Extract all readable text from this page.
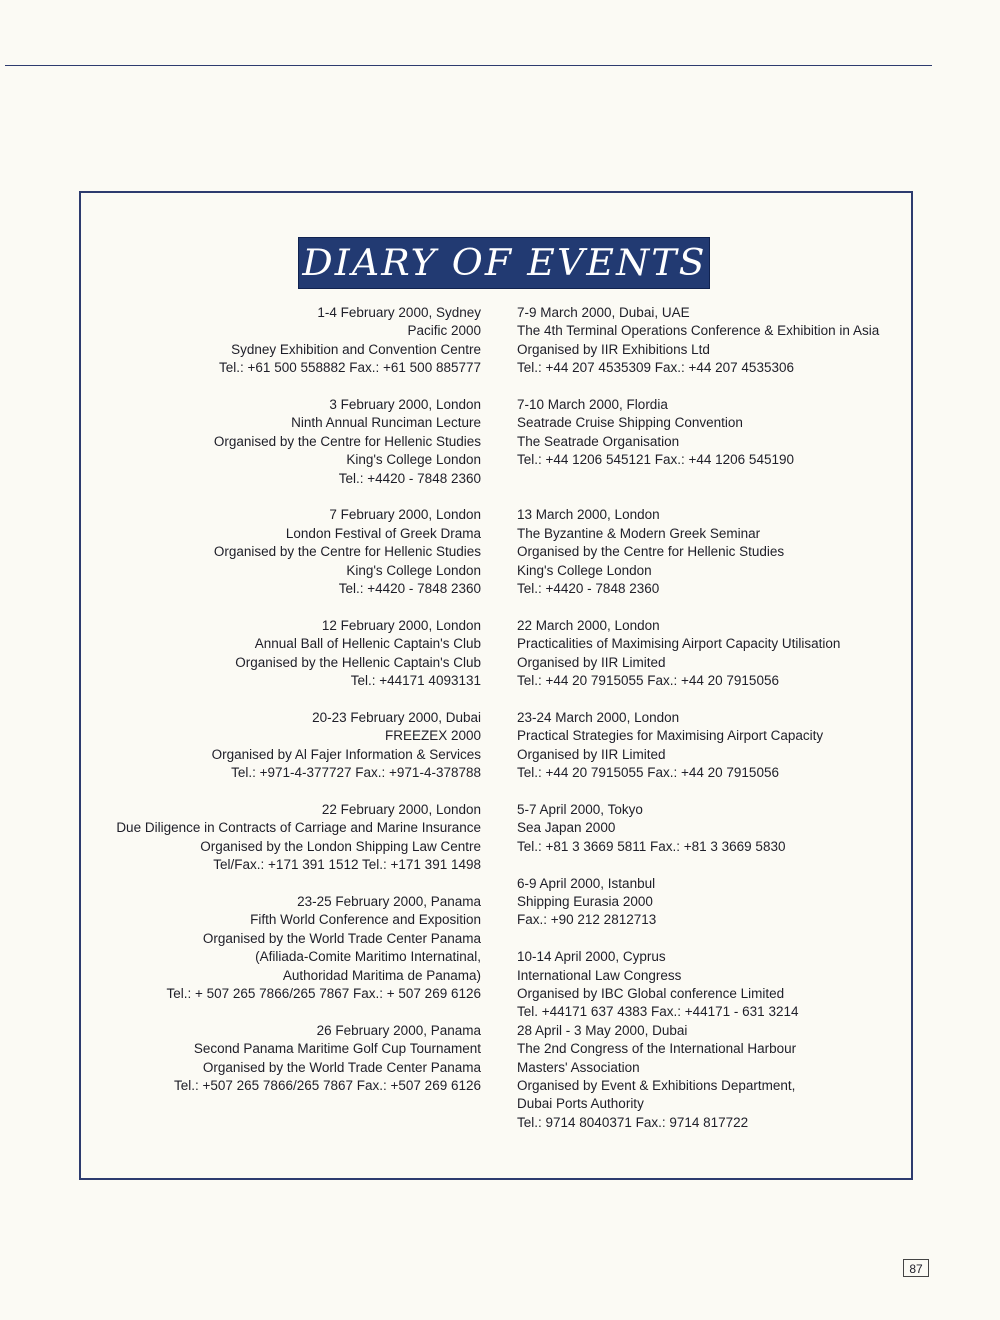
DIARY OF EVENTS
1-4 February 2000, Sydney
Pacific 2000
Sydney Exhibition and Convention Centre
Tel.: +61 500 558882 Fax.: +61 500 885777
3 February 2000, London
Ninth Annual Runciman Lecture
Organised by the Centre for Hellenic Studies
King's College London
Tel.: +4420 - 7848 2360
7 February 2000, London
London Festival of Greek Drama
Organised by the Centre for Hellenic Studies
King's College London
Tel.: +4420 - 7848 2360
12 February 2000, London
Annual Ball of Hellenic Captain's Club
Organised by the Hellenic Captain's Club
Tel.: +44171 4093131
20-23 February 2000, Dubai
FREEZEX 2000
Organised by Al Fajer Information & Services
Tel.: +971-4-377727 Fax.: +971-4-378788
22 February 2000, London
Due Diligence in Contracts of Carriage and Marine Insurance
Organised by the London Shipping Law Centre
Tel/Fax.: +171 391 1512 Tel.: +171 391 1498
23-25 February 2000, Panama
Fifth World Conference and Exposition
Organised by the World Trade Center Panama
(Afiliada-Comite Maritimo Internatinal,
Authoridad Maritima de Panama)
Tel.: + 507 265 7866/265 7867 Fax.: + 507 269 6126
26 February 2000, Panama
Second Panama Maritime Golf Cup Tournament
Organised by the World Trade Center Panama
Tel.: +507 265 7866/265 7867 Fax.: +507 269 6126
7-9 March 2000, Dubai, UAE
The 4th Terminal Operations Conference & Exhibition in Asia
Organised by IIR Exhibitions Ltd
Tel.: +44 207 4535309 Fax.: +44 207 4535306
7-10 March 2000, Flordia
Seatrade Cruise Shipping Convention
The Seatrade Organisation
Tel.: +44 1206 545121 Fax.: +44 1206 545190
13 March 2000, London
The Byzantine & Modern Greek Seminar
Organised by the Centre for Hellenic Studies
King's College London
Tel.: +4420 - 7848 2360
22 March 2000, London
Practicalities of Maximising Airport Capacity Utilisation
Organised by IIR Limited
Tel.: +44 20 7915055 Fax.: +44 20 7915056
23-24 March 2000, London
Practical Strategies for Maximising Airport Capacity
Organised by IIR Limited
Tel.: +44 20 7915055 Fax.: +44 20 7915056
5-7 April 2000, Tokyo
Sea Japan 2000
Tel.: +81 3 3669 5811 Fax.: +81 3 3669 5830
6-9 April 2000, Istanbul
Shipping Eurasia 2000
Fax.: +90 212 2812713
10-14 April 2000, Cyprus
International Law Congress
Organised by IBC Global conference Limited
Tel. +44171 637 4383 Fax.: +44171 - 631 3214
28 April - 3 May 2000, Dubai
The 2nd Congress of the International Harbour
Masters' Association
Organised by Event & Exhibitions Department,
Dubai Ports Authority
Tel.: 9714 8040371 Fax.: 9714 817722
87
